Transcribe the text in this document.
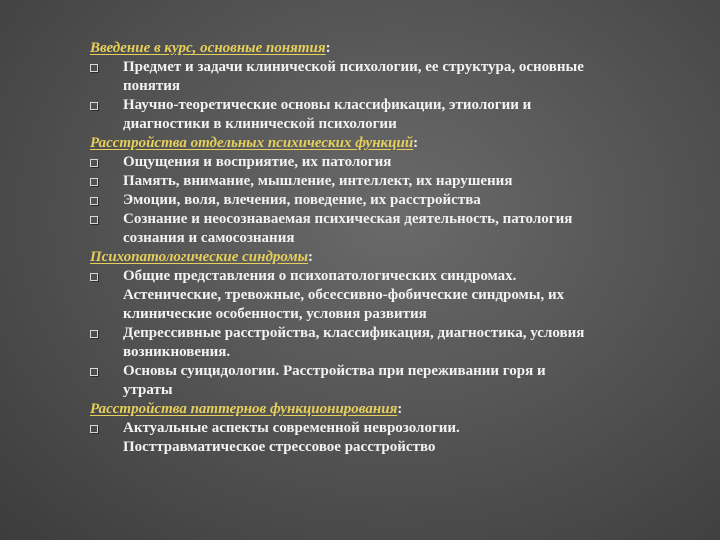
Введение в курс, основные понятия:
Предмет и задачи клинической психологии, ее структура, основные
понятия
Научно-теоретические основы классификации, этиологии и
диагностики в клинической психологии
Расстройства отдельных психических функций:
Ощущения и восприятие, их патология
Память, внимание, мышление, интеллект, их нарушения
Эмоции, воля, влечения, поведение, их расстройства
Сознание и неосознаваемая психическая деятельность, патология
сознания и самосознания
Психопатологические синдромы:
Общие представления о психопатологических синдромах.
Астенические, тревожные, обсессивно-фобические синдромы, их
клинические особенности, условия развития
Депрессивные расстройства, классификация, диагностика, условия
возникновения.
Основы суицидологии. Расстройства при переживании горя и
утраты
Расстройства паттернов функционирования:
Актуальные аспекты современной неврозологии.
Посттравматическое стрессовое расстройство
